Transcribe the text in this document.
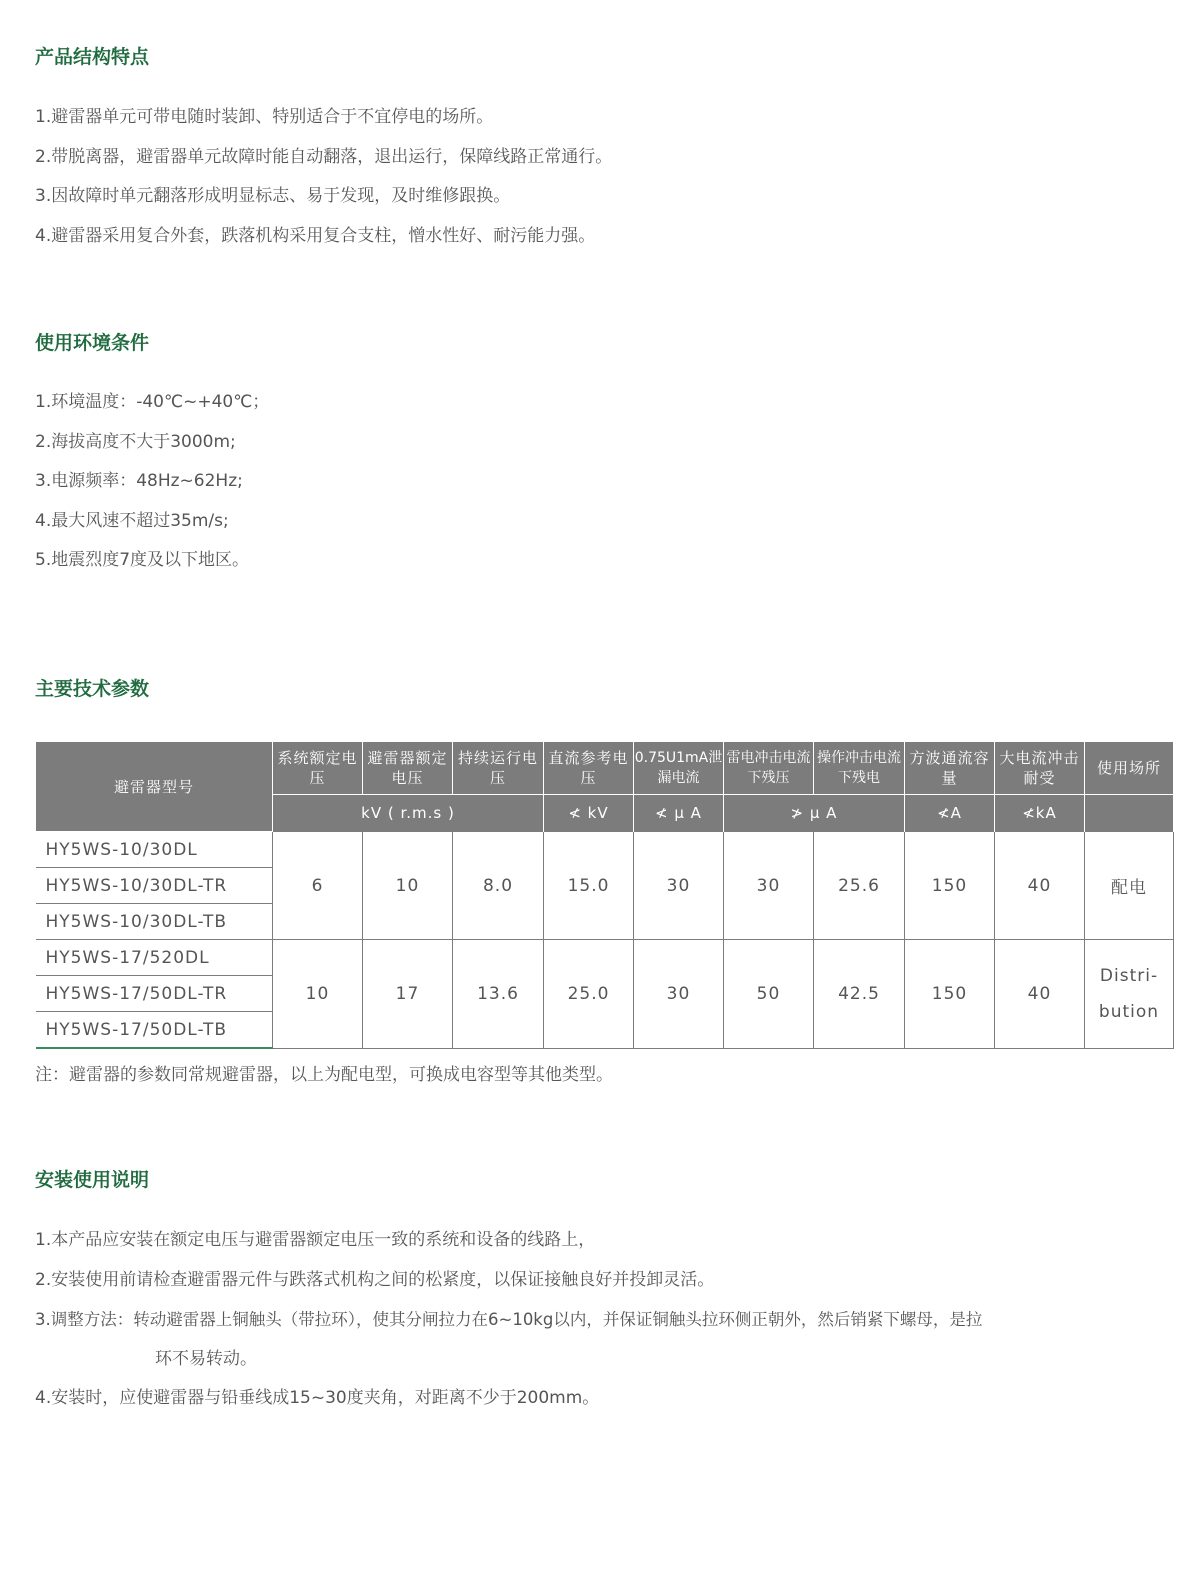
产品结构特点
1.避雷器单元可带电随时装卸、特别适合于不宜停电的场所。
2.带脱离器，避雷器单元故障时能自动翻落，退出运行，保障线路正常通行。
3.因故障时单元翻落形成明显标志、易于发现，及时维修跟换。
4.避雷器采用复合外套，跌落机构采用复合支柱，憎水性好、耐污能力强。
使用环境条件
1.环境温度：-40℃~+40℃；
2.海拔高度不大于3000m;
3.电源频率：48Hz~62Hz;
4.最大风速不超过35m/s;
5.地震烈度7度及以下地区。
主要技术参数
避雷器型号	系统额定电压	避雷器额定电压	持续运行电压	直流参考电压	0.75U1mA泄漏电流	雷电冲击电流下残压	操作冲击电流下残电	方波通流容量	大电流冲击耐受	使用场所
	kV ( r.m.s )			≮ kV	≮ μ A	≯ μ A		≮A	≮kA	
HY5WS-10/30DL	6	10	8.0	15.0	30	30	25.6	150	40	配电
HY5WS-10/30DL-TR										
HY5WS-10/30DL-TB										
HY5WS-17/520DL	10	17	13.6	25.0	30	50	42.5	150	40	Distri-
bution

HY5WS-17/50DL-TR										
HY5WS-17/50DL-TB										

注：避雷器的参数同常规避雷器，以上为配电型，可换成电容型等其他类型。

安装使用说明
1.本产品应安装在额定电压与避雷器额定电压一致的系统和设备的线路上，
2.安装使用前请检查避雷器元件与跌落式机构之间的松紧度，以保证接触良好并投卸灵活。
3.调整方法：转动避雷器上铜触头（带拉环），使其分闸拉力在6~10kg以内，并保证铜触头拉环侧正朝外，然后销紧下螺母，是拉
环不易转动。
4.安装时，应使避雷器与铅垂线成15~30度夹角，对距离不少于200mm。
